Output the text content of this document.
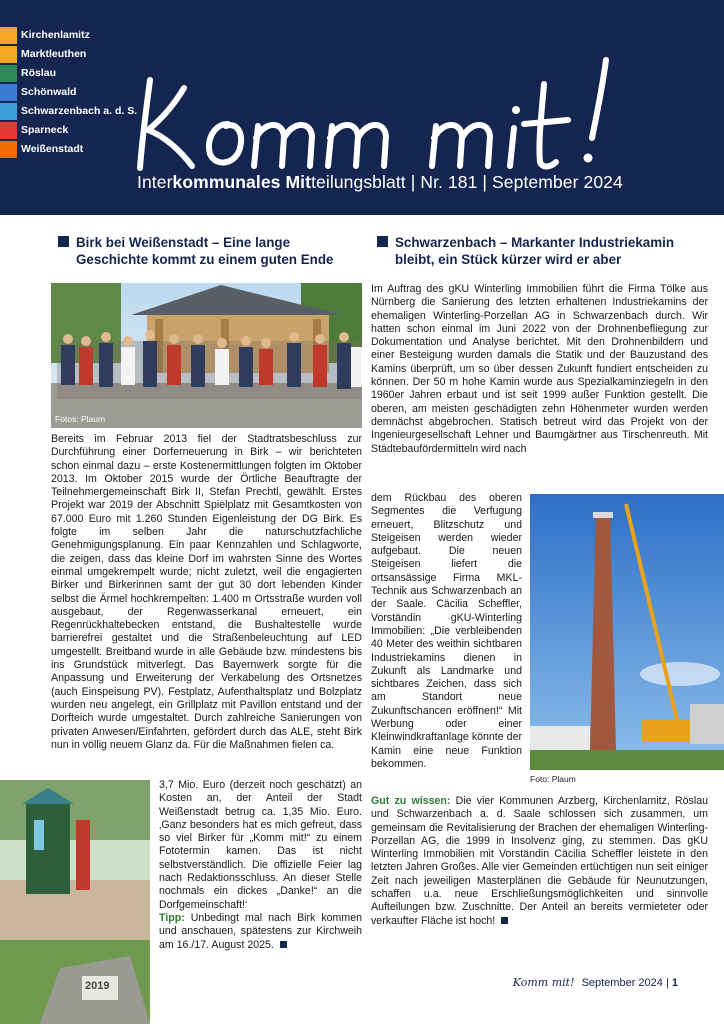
Kirchenlamitz
Marktleuthen
Röslau
Schönwald
Schwarzenbach a. d. S.
Sparneck
Weißenstadt
Interkommunales Mitteilungsblatt | Nr. 181 | September 2024
Birk bei Weißenstadt – Eine lange Geschichte kommt zu einem guten Ende
Fotos: Plaum
Bereits im Februar 2013 fiel der Stadtratsbeschluss zur Durchführung einer Dorferneuerung in Birk – wir berichteten schon einmal dazu – erste Kostenermittlungen folgten im Oktober 2013. Im Oktober 2015 wurde der Örtliche Beauftragte der Teilnehmergemeinschaft Birk II, Stefan Prechtl, gewählt. Erstes Projekt war 2019 der Abschnitt Spielplatz mit Gesamtkosten von 67.000 Euro mit 1.260 Stunden Eigenleistung der DG Birk. Es folgte im selben Jahr die naturschutzfachliche Genehmigungsplanung. Ein paar Kennzahlen und Schlagworte, die zeigen, dass das kleine Dorf im wahrsten Sinne des Wortes einmal umgekrempelt wurde; nicht zuletzt, weil die engagierten Birker und Birkerinnen samt der gut 30 dort lebenden Kinder selbst die Ärmel hochkrempelten: 1.400 m Ortsstraße wurden voll ausgebaut, der Regenwasserkanal erneuert, ein Regenrückhaltebecken entstand, die Bushaltestelle wurde barrierefrei gestaltet und die Straßenbeleuchtung auf LED umgestellt. Breitband wurde in alle Gebäude bzw. mindestens bis ins Grundstück mitverlegt. Das Bayernwerk sorgte für die Anpassung und Erweiterung der Verkabelung des Ortsnetzes (auch Einspeisung PV). Festplatz, Aufenthaltsplatz und Bolzplatz wurden neu angelegt, ein Grillplatz mit Pavillon entstand und der Dorfteich wurde umgestaltet. Durch zahlreiche Sanierungen von privaten Anwesen/Einfahrten, gefördert durch das ALE, steht Birk nun in völlig neuem Glanz da. Für die Maßnahmen fielen ca.
2019
3,7 Mio. Euro (derzeit noch geschätzt) an Kosten an, der Anteil der Stadt Weißenstadt betrug ca. 1,35 Mio. Euro. ‚Ganz besonders hat es mich gefreut, dass so viel Birker für „Komm mit!“ zu einem Fototermin kamen. Das ist nicht selbstverständlich. Die offizielle Feier lag nach Redaktionsschluss. An dieser Stelle nochmals ein dickes „Danke!“ an die Dorfgemeinschaft!‘
Tipp: Unbedingt mal nach Birk kommen und anschauen, spätestens zur Kirchweih am 16./17. August 2025.
Schwarzenbach – Markanter Industriekamin bleibt, ein Stück kürzer wird er aber
Im Auftrag des gKU Winterling Immobilien führt die Firma Tölke aus Nürnberg die Sanierung des letzten erhaltenen Industriekamins der ehemaligen Winterling-Porzellan AG in Schwarzenbach durch. Wir hatten schon einmal im Juni 2022 von der Drohnenbefliegung zur Dokumentation und Analyse berichtet. Mit den Drohnenbildern und einer Besteigung wurden damals die Statik und der Bauzustand des Kamins überprüft, um so über dessen Zukunft fundiert entscheiden zu können. Der 50 m hohe Kamin wurde aus Spezialkaminziegeln in den 1960er Jahren erbaut und ist seit 1999 außer Funktion gestellt. Die oberen, am meisten geschädigten zehn Höhenmeter wurden werden demnächst abgebrochen. Statisch betreut wird das Projekt von der Ingenieurgesellschaft Lehner und Baumgärtner aus Tirschenreuth. Mit Städtebaufördermitteln wird nach
dem Rückbau des oberen Segmentes die Verfugung erneuert, Blitzschutz und Steigeisen werden wieder aufgebaut. Die neuen Steigeisen liefert die ortsansässige Firma MKL-Technik aus Schwarzenbach an der Saale. Cäcilia Scheffler, Vorständin gKU-Winterling Immobilien: „Die verbleibenden 40 Meter des weithin sichtbaren Industriekamins dienen in Zukunft als Landmarke und sichtbares Zeichen, dass sich am Standort neue Zukunftschancen eröffnen!“ Mit Werbung oder einer Kleinwindkraftanlage könnte der Kamin eine neue Funktion bekommen.
Foto: Plaum
Gut zu wissen: Die vier Kommunen Arzberg, Kirchenlamitz, Röslau und Schwarzenbach a. d. Saale schlossen sich zusammen, um gemeinsam die Revitalisierung der Brachen der ehemaligen Winterling-Porzellan AG, die 1999 in Insolvenz ging, zu stemmen. Das gKU Winterling Immobilien mit Vorständin Cäcilia Scheffler leistete in den letzten Jahren Großes. Alle vier Gemeinden ertüchtigen nun seit einiger Zeit nach jeweiligen Masterplänen die Gebäude für Neunutzungen, schaffen u.a. neue Erschließungsmöglichkeiten und sinnvolle Aufteilungen bzw. Zuschnitte. Der Anteil an bereits vermieteter oder verkaufter Fläche ist hoch!
Komm mit! September 2024 | 1
